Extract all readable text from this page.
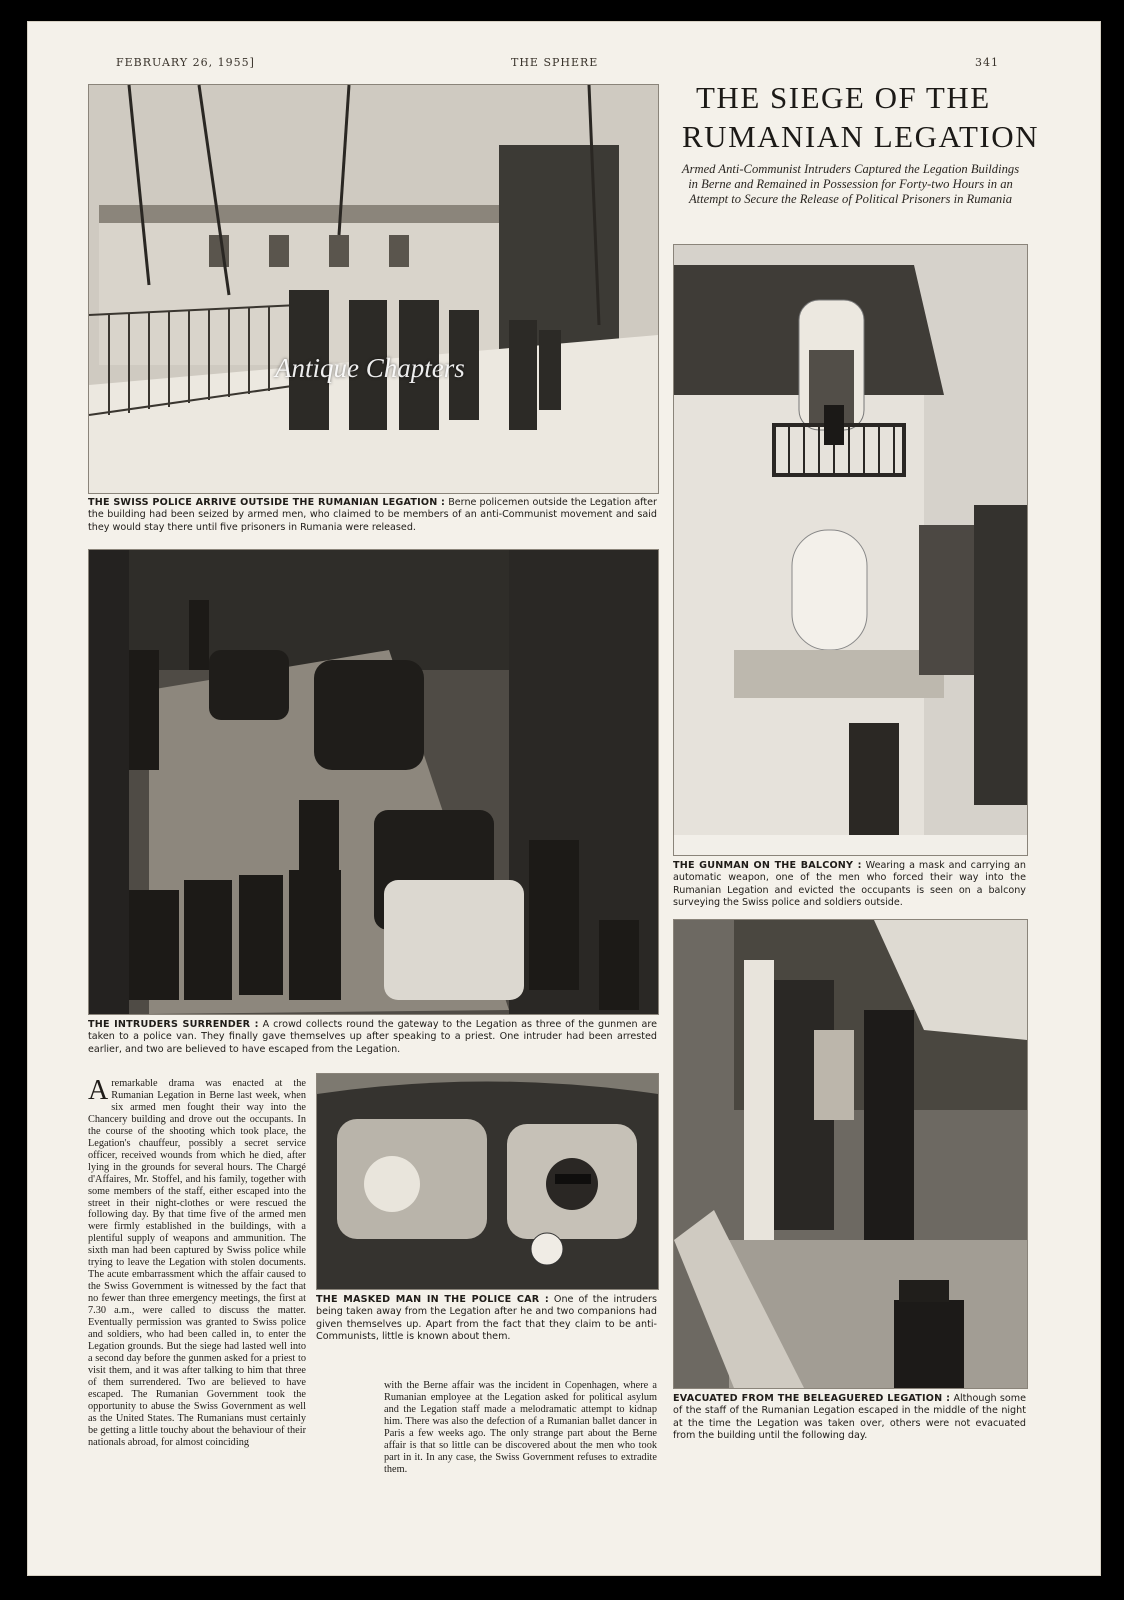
FEBRUARY 26, 1955]	THE SPHERE	341
THE SIEGE OF THE
RUMANIAN LEGATION
Armed Anti-Communist Intruders Captured the Legation Buildings in Berne and Remained in Possession for Forty-two Hours in an Attempt to Secure the Release of Political Prisoners in Rumania
Antique Chapters
THE SWISS POLICE ARRIVE OUTSIDE THE RUMANIAN LEGATION : Berne policemen outside the Legation after the building had been seized by armed men, who claimed to be members of an anti-Communist movement and said they would stay there until five prisoners in Rumania were released.
THE INTRUDERS SURRENDER : A crowd collects round the gateway to the Legation as three of the gunmen are taken to a police van. They finally gave themselves up after speaking to a priest. One intruder had been arrested earlier, and two are believed to have escaped from the Legation.
THE GUNMAN ON THE BALCONY : Wearing a mask and carrying an automatic weapon, one of the men who forced their way into the Rumanian Legation and evicted the occupants is seen on a balcony surveying the Swiss police and soldiers outside.
THE MASKED MAN IN THE POLICE CAR : One of the intruders being taken away from the Legation after he and two companions had given themselves up. Apart from the fact that they claim to be anti-Communists, little is known about them.
EVACUATED FROM THE BELEAGUERED LEGATION : Although some of the staff of the Rumanian Legation escaped in the middle of the night at the time the Legation was taken over, others were not evacuated from the building until the following day.
Aremarkable drama was enacted at the Rumanian Legation in Berne last week, when six armed men fought their way into the Chancery building and drove out the occupants. In the course of the shooting which took place, the Legation's chauffeur, possibly a secret service officer, received wounds from which he died, after lying in the grounds for several hours. The Chargé d'Affaires, Mr. Stoffel, and his family, together with some members of the staff, either escaped into the street in their night-clothes or were rescued the following day. By that time five of the armed men were firmly established in the buildings, with a plentiful supply of weapons and ammunition. The sixth man had been captured by Swiss police while trying to leave the Legation with stolen documents. The acute embarrassment which the affair caused to the Swiss Government is witnessed by the fact that no fewer than three emergency meetings, the first at 7.30 a.m., were called to discuss the matter. Eventually permission was granted to Swiss police and soldiers, who had been called in, to enter the Legation grounds. But the siege had lasted well into a second day before the gunmen asked for a priest to visit them, and it was after talking to him that three of them surrendered. Two are believed to have escaped. The Rumanian Government took the opportunity to abuse the Swiss Government as well as the United States. The Rumanians must certainly be getting a little touchy about the behaviour of their nationals abroad, for almost coinciding
with the Berne affair was the incident in Copenhagen, where a Rumanian employee at the Legation asked for political asylum and the Legation staff made a melodramatic attempt to kidnap him. There was also the defection of a Rumanian ballet dancer in Paris a few weeks ago. The only strange part about the Berne affair is that so little can be discovered about the men who took part in it. In any case, the Swiss Government refuses to extradite them.
